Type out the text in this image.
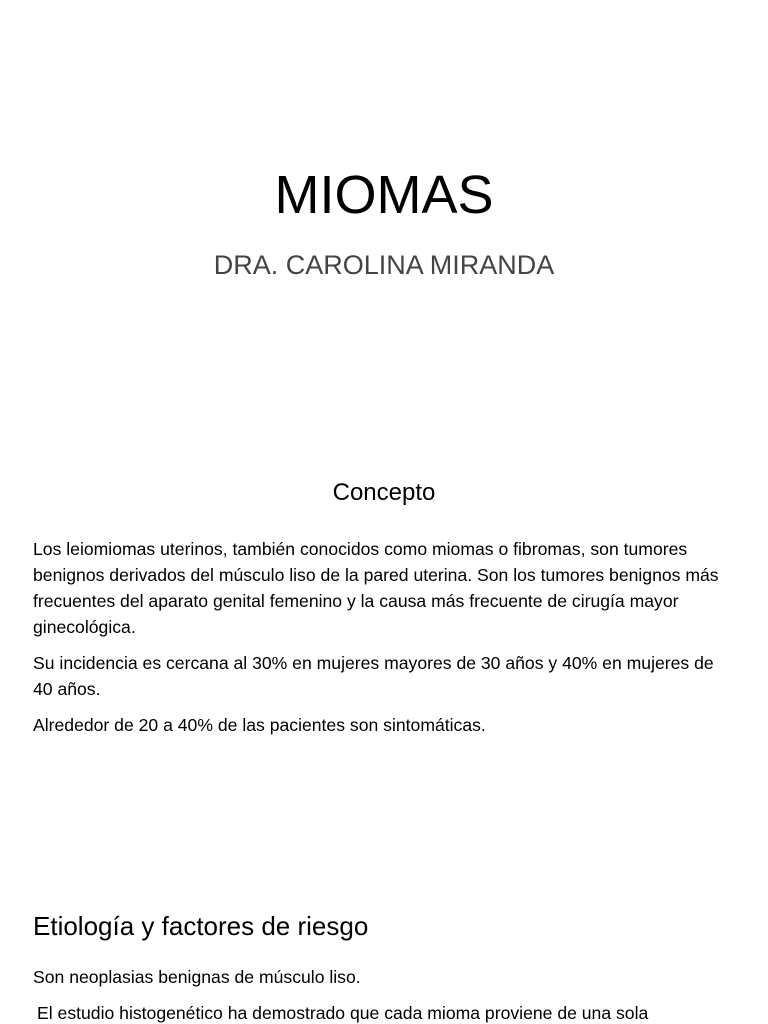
MIOMAS
DRA. CAROLINA MIRANDA
Concepto

Los leiomiomas uterinos, también conocidos como miomas o fibromas, son tumores benignos derivados del músculo liso de la pared uterina. Son los tumores benignos más frecuentes del aparato genital femenino y la causa más frecuente de cirugía mayor ginecológica.

Su incidencia es cercana al 30% en mujeres mayores de 30 años y 40% en mujeres de 40 años.

Alrededor de 20 a 40% de las pacientes son sintomáticas.

Etiología y factores de riesgo

Son neoplasias benignas de músculo liso.

El estudio histogenético ha demostrado que cada mioma proviene de una sola
